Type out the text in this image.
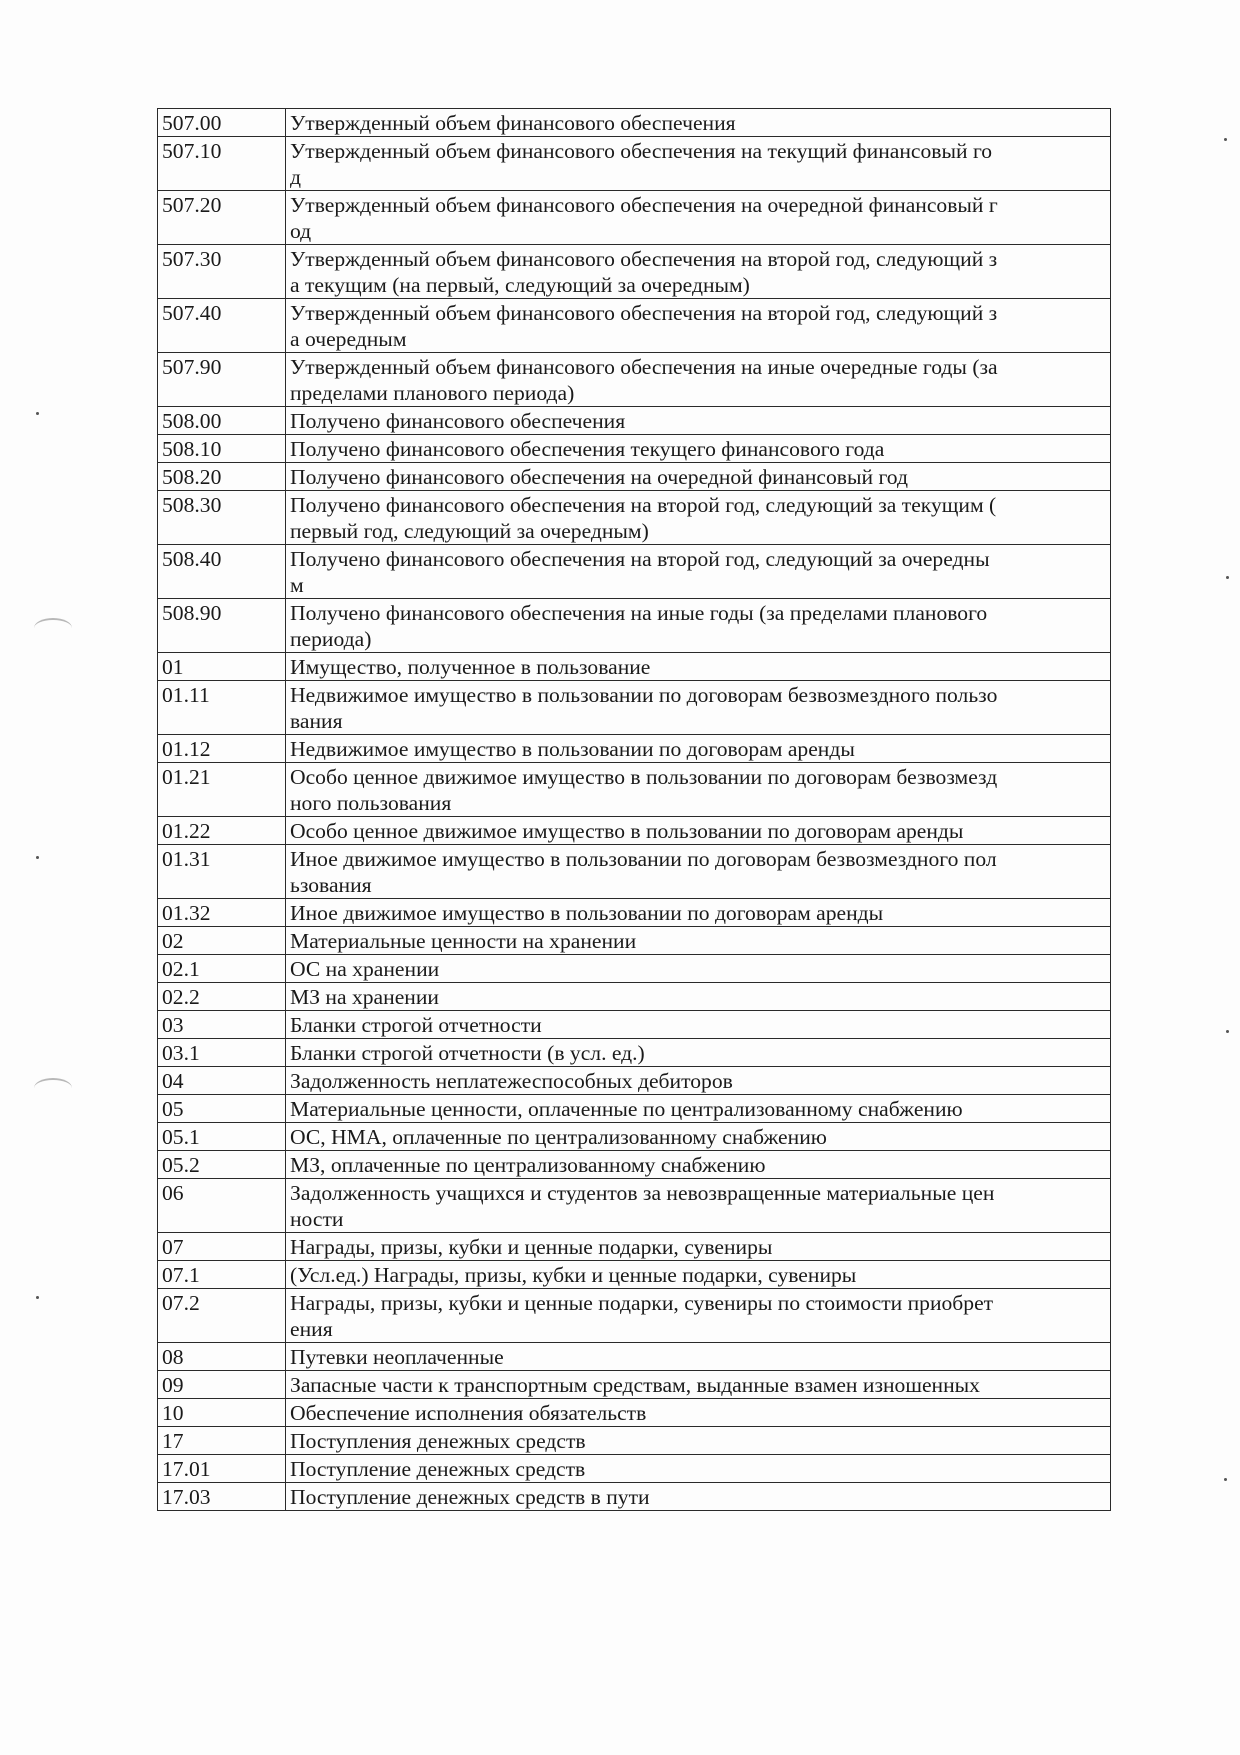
507.00	Утвержденный объем финансового обеспечения
507.10	Утвержденный объем финансового обеспечения на текущий финансовый го
д
507.20	Утвержденный объем финансового обеспечения на очередной финансовый г
од
507.30	Утвержденный объем финансового обеспечения на второй год, следующий з
а текущим (на первый, следующий за очередным)
507.40	Утвержденный объем финансового обеспечения на второй год, следующий з
а очередным
507.90	Утвержденный объем финансового обеспечения на иные очередные годы (за
пределами планового периода)
508.00	Получено финансового обеспечения
508.10	Получено финансового обеспечения текущего финансового года
508.20	Получено финансового обеспечения на очередной финансовый год
508.30	Получено финансового обеспечения на второй год, следующий за текущим (
первый год, следующий за очередным)
508.40	Получено финансового обеспечения на второй год, следующий за очередны
м
508.90	Получено финансового обеспечения на иные годы (за пределами планового
периода)
01	Имущество, полученное в пользование
01.11	Недвижимое имущество в пользовании по договорам безвозмездного пользо
вания
01.12	Недвижимое имущество в пользовании по договорам аренды
01.21	Особо ценное движимое имущество в пользовании по договорам безвозмезд
ного пользования
01.22	Особо ценное движимое имущество в пользовании по договорам аренды
01.31	Иное движимое имущество в пользовании по договорам безвозмездного пол
ьзования
01.32	Иное движимое имущество в пользовании по договорам аренды
02	Материальные ценности на хранении
02.1	ОС на хранении
02.2	МЗ на хранении
03	Бланки строгой отчетности
03.1	Бланки строгой отчетности (в усл. ед.)
04	Задолженность неплатежеспособных дебиторов
05	Материальные ценности, оплаченные по централизованному снабжению
05.1	ОС, НМА, оплаченные по централизованному снабжению
05.2	МЗ, оплаченные по централизованному снабжению
06	Задолженность учащихся и студентов за невозвращенные материальные цен
ности
07	Награды, призы, кубки и ценные подарки, сувениры
07.1	(Усл.ед.) Награды, призы, кубки и ценные подарки, сувениры
07.2	Награды, призы, кубки и ценные подарки, сувениры по стоимости приобрет
ения
08	Путевки неоплаченные
09	Запасные части к транспортным средствам, выданные взамен изношенных
10	Обеспечение исполнения обязательств
17	Поступления денежных средств
17.01	Поступление денежных средств
17.03	Поступление денежных средств в пути
